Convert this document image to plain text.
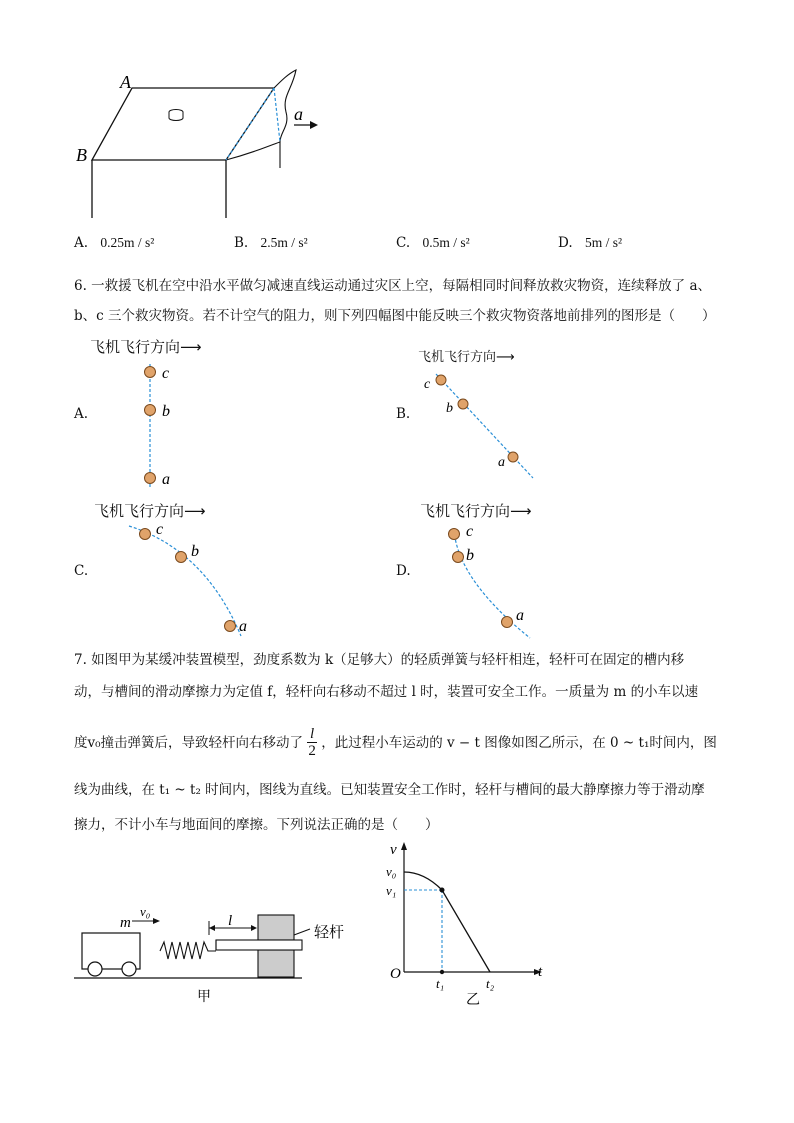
a
A
B
A. 0.25m / s²	B. 2.5m / s²	C. 0.5m / s²	D. 5m / s²
6. 一救援飞机在空中沿水平做匀减速直线运动通过灾区上空，每隔相同时间释放救灾物资，连续释放了 a、
b、c 三个救灾物资。若不计空气的阻力，则下列四幅图中能反映三个救灾物资落地前排列的图形是（　　）
A.
飞机飞行方向⟶
c
b
a
B.
飞机飞行方向⟶
c
b
a
C.
飞机飞行方向⟶
c
b
a
D.
飞机飞行方向⟶
c
b
a
7. 如图甲为某缓冲装置模型，劲度系数为 k（足够大）的轻质弹簧与轻杆相连，轻杆可在固定的槽内移
动，与槽间的滑动摩擦力为定值 f，轻杆向右移动不超过 l 时，装置可安全工作。一质量为 m 的小车以速
度v₀撞击弹簧后，导致轻杆向右移动了 $\frac{l}{2}$ ，此过程小车运动的 v − t 图像如图乙所示，在 0 ~ t₁时间内，图
线为曲线，在 t₁ ~ t₂ 时间内，图线为直线。已知装置安全工作时，轻杆与槽间的最大静摩擦力等于滑动摩
擦力，不计小车与地面间的摩擦。下列说法正确的是（　　）
m
v₀
l
轻杆
甲
v
v₀
v₁
O
t₁	t₂
t
乙
